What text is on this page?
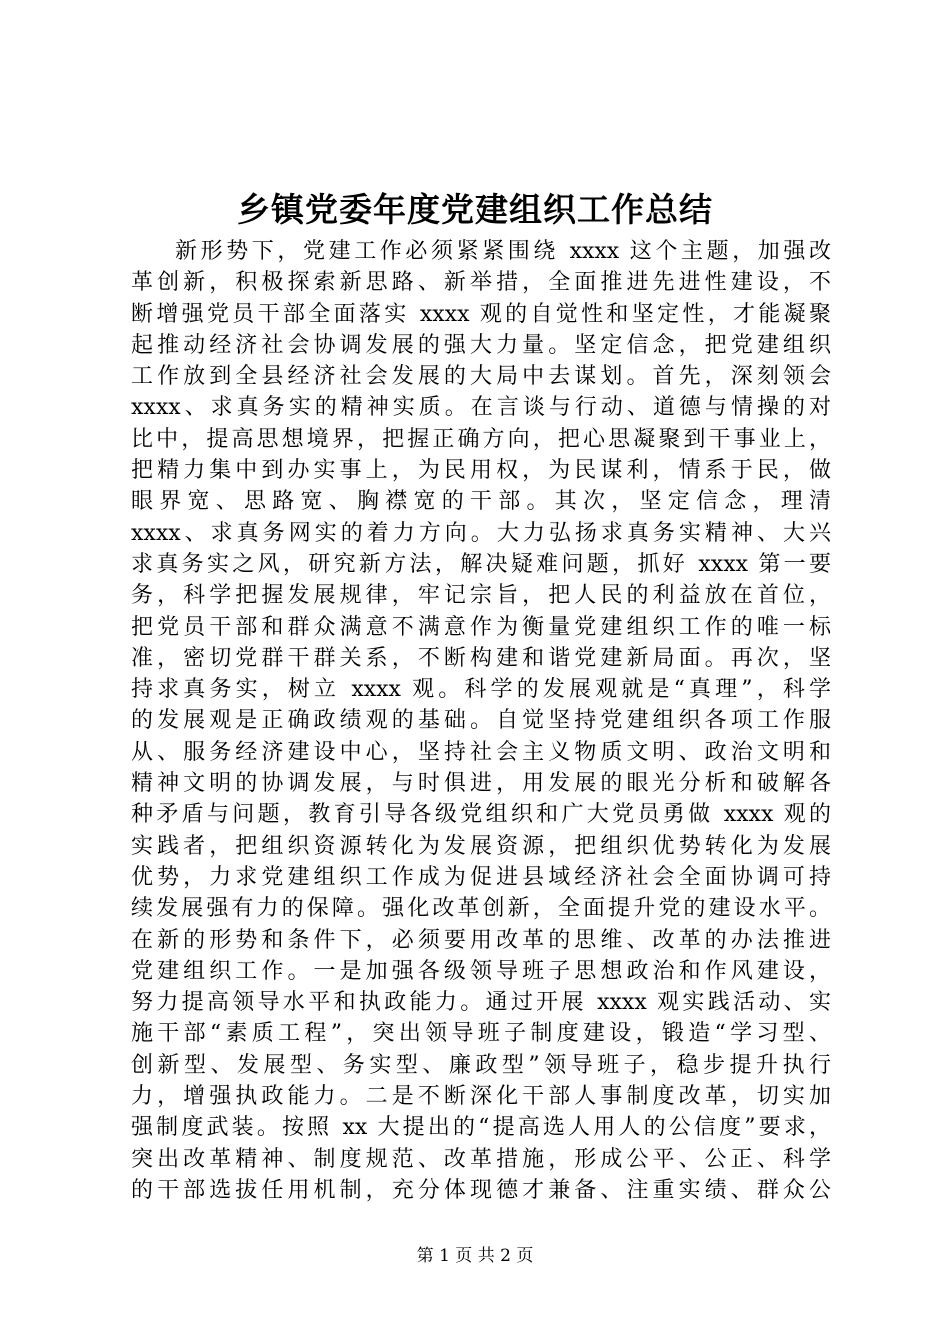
乡镇党委年度党建组织工作总结
新形势下，党建工作必须紧紧围绕 xxxx 这个主题，加强改
革创新，积极探索新思路、新举措，全面推进先进性建设，不
断增强党员干部全面落实 xxxx 观的自觉性和坚定性，才能凝聚
起推动经济社会协调发展的强大力量。坚定信念，把党建组织
工作放到全县经济社会发展的大局中去谋划。首先，深刻领会
xxxx、求真务实的精神实质。在言谈与行动、道德与情操的对
比中，提高思想境界，把握正确方向，把心思凝聚到干事业上，
把精力集中到办实事上，为民用权，为民谋利，情系于民，做
眼界宽、思路宽、胸襟宽的干部。其次，坚定信念，理清
xxxx、求真务网实的着力方向。大力弘扬求真务实精神、大兴
求真务实之风，研究新方法，解决疑难问题，抓好 xxxx 第一要
务，科学把握发展规律，牢记宗旨，把人民的利益放在首位，
把党员干部和群众满意不满意作为衡量党建组织工作的唯一标
准，密切党群干群关系，不断构建和谐党建新局面。再次，坚
持求真务实，树立 xxxx 观。科学的发展观就是“真理”，科学
的发展观是正确政绩观的基础。自觉坚持党建组织各项工作服
从、服务经济建设中心，坚持社会主义物质文明、政治文明和
精神文明的协调发展，与时俱进，用发展的眼光分析和破解各
种矛盾与问题，教育引导各级党组织和广大党员勇做 xxxx 观的
实践者，把组织资源转化为发展资源，把组织优势转化为发展
优势，力求党建组织工作成为促进县域经济社会全面协调可持
续发展强有力的保障。强化改革创新，全面提升党的建设水平。
在新的形势和条件下，必须要用改革的思维、改革的办法推进
党建组织工作。一是加强各级领导班子思想政治和作风建设，
努力提高领导水平和执政能力。通过开展 xxxx 观实践活动、实
施干部“素质工程”，突出领导班子制度建设，锻造“学习型、
创新型、发展型、务实型、廉政型”领导班子，稳步提升执行
力，增强执政能力。二是不断深化干部人事制度改革，切实加
强制度武装。按照 xx 大提出的“提高选人用人的公信度”要求，
突出改革精神、制度规范、改革措施，形成公平、公正、科学
的干部选拔任用机制，充分体现德才兼备、注重实绩、群众公
第 1 页 共 2 页
